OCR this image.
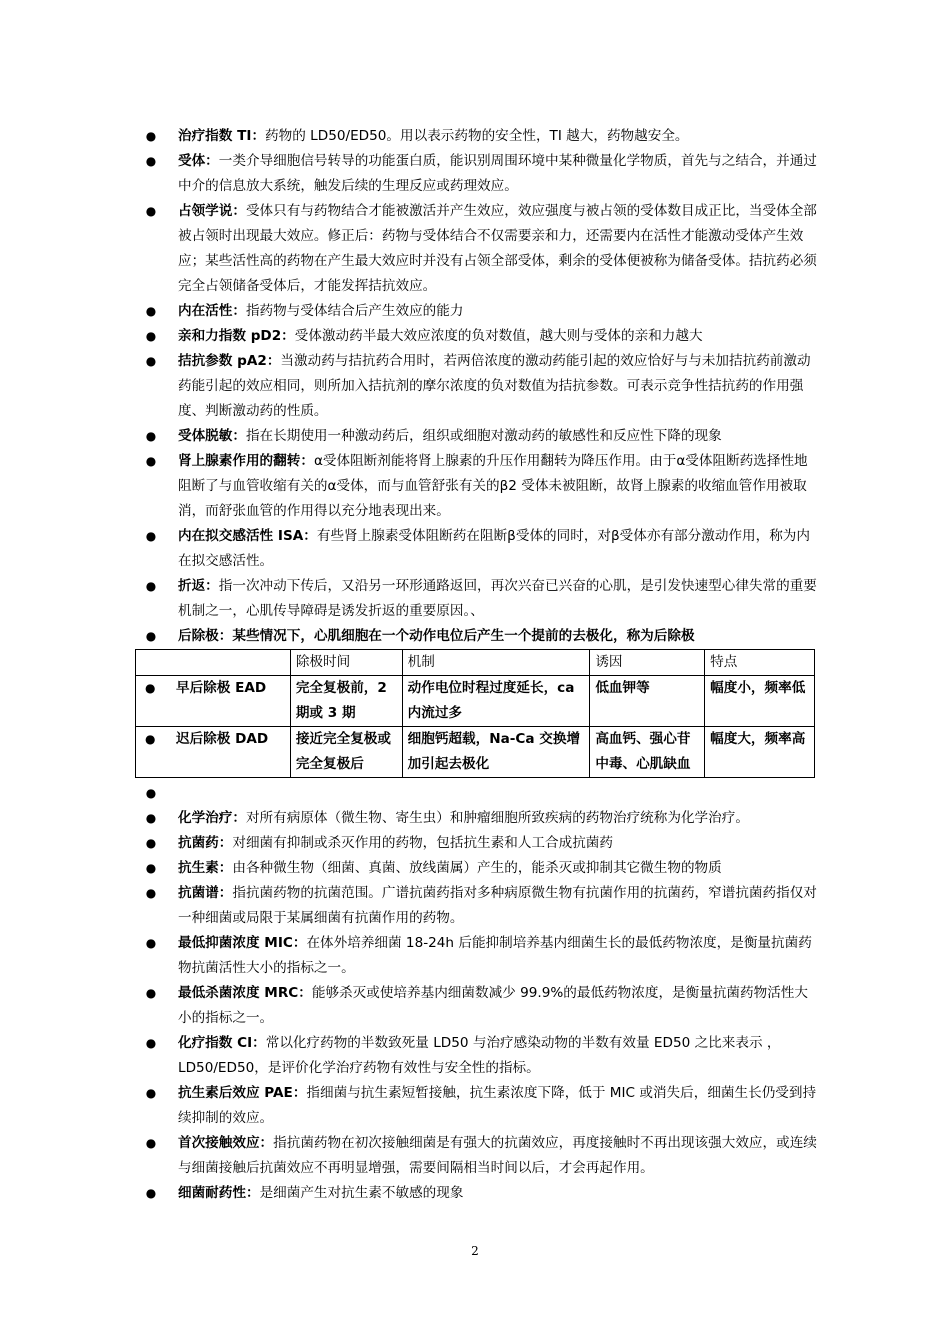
● 治疗指数 TI：药物的 LD50/ED50。用以表示药物的安全性，TI 越大，药物越安全。
● 受体：一类介导细胞信号转导的功能蛋白质，能识别周围环境中某种微量化学物质，首先与之结合，并通过中介的信息放大系统，触发后续的生理反应或药理效应。
● 占领学说：受体只有与药物结合才能被激活并产生效应，效应强度与被占领的受体数目成正比，当受体全部被占领时出现最大效应。修正后：药物与受体结合不仅需要亲和力，还需要内在活性才能激动受体产生效应；某些活性高的药物在产生最大效应时并没有占领全部受体，剩余的受体便被称为储备受体。拮抗药必须完全占领储备受体后，才能发挥拮抗效应。
● 内在活性：指药物与受体结合后产生效应的能力
● 亲和力指数 pD2：受体激动药半最大效应浓度的负对数值，越大则与受体的亲和力越大
● 拮抗参数 pA2：当激动药与拮抗药合用时，若两倍浓度的激动药能引起的效应恰好与与未加拮抗药前激动药能引起的效应相同，则所加入拮抗剂的摩尔浓度的负对数值为拮抗参数。可表示竞争性拮抗药的作用强度、判断激动药的性质。
● 受体脱敏：指在长期使用一种激动药后，组织或细胞对激动药的敏感性和反应性下降的现象
● 肾上腺素作用的翻转：α受体阻断剂能将肾上腺素的升压作用翻转为降压作用。由于α受体阻断药选择性地阻断了与血管收缩有关的α受体，而与血管舒张有关的β2 受体未被阻断，故肾上腺素的收缩血管作用被取消，而舒张血管的作用得以充分地表现出来。
● 内在拟交感活性 ISA：有些肾上腺素受体阻断药在阻断β受体的同时，对β受体亦有部分激动作用，称为内在拟交感活性。
● 折返：指一次冲动下传后，又沿另一环形通路返回，再次兴奋已兴奋的心肌，是引发快速型心律失常的重要机制之一，心肌传导障碍是诱发折返的重要原因。、
● 后除极：某些情况下，心肌细胞在一个动作电位后产生一个提前的去极化，称为后除极
	除极时间	机制	诱因	特点

● 早后除极 EAD	完全复极前，2 期或 3 期	动作电位时程过度延长，ca 内流过多	低血钾等	幅度小，频率低

● 迟后除极 DAD	接近完全复极或完全复极后	细胞钙超载，Na-Ca 交换增加引起去极化	高血钙、强心苷中毒、心肌缺血	幅度大，频率高
●

● 化学治疗：对所有病原体（微生物、寄生虫）和肿瘤细胞所致疾病的药物治疗统称为化学治疗。
● 抗菌药：对细菌有抑制或杀灭作用的药物，包括抗生素和人工合成抗菌药
● 抗生素：由各种微生物（细菌、真菌、放线菌属）产生的，能杀灭或抑制其它微生物的物质
● 抗菌谱：指抗菌药物的抗菌范围。广谱抗菌药指对多种病原微生物有抗菌作用的抗菌药，窄谱抗菌药指仅对一种细菌或局限于某属细菌有抗菌作用的药物。
● 最低抑菌浓度 MIC：在体外培养细菌 18-24h 后能抑制培养基内细菌生长的最低药物浓度，是衡量抗菌药物抗菌活性大小的指标之一。
● 最低杀菌浓度 MRC：能够杀灭或使培养基内细菌数减少 99.9%的最低药物浓度，是衡量抗菌药物活性大小的指标之一。
● 化疗指数 CI：常以化疗药物的半数致死量 LD50 与治疗感染动物的半数有效量 ED50 之比来表示 ，LD50/ED50，是评价化学治疗药物有效性与安全性的指标。
● 抗生素后效应 PAE：指细菌与抗生素短暂接触，抗生素浓度下降，低于 MIC 或消失后，细菌生长仍受到持续抑制的效应。
● 首次接触效应：指抗菌药物在初次接触细菌是有强大的抗菌效应，再度接触时不再出现该强大效应，或连续与细菌接触后抗菌效应不再明显增强，需要间隔相当时间以后，才会再起作用。
● 细菌耐药性：是细菌产生对抗生素不敏感的现象
2
